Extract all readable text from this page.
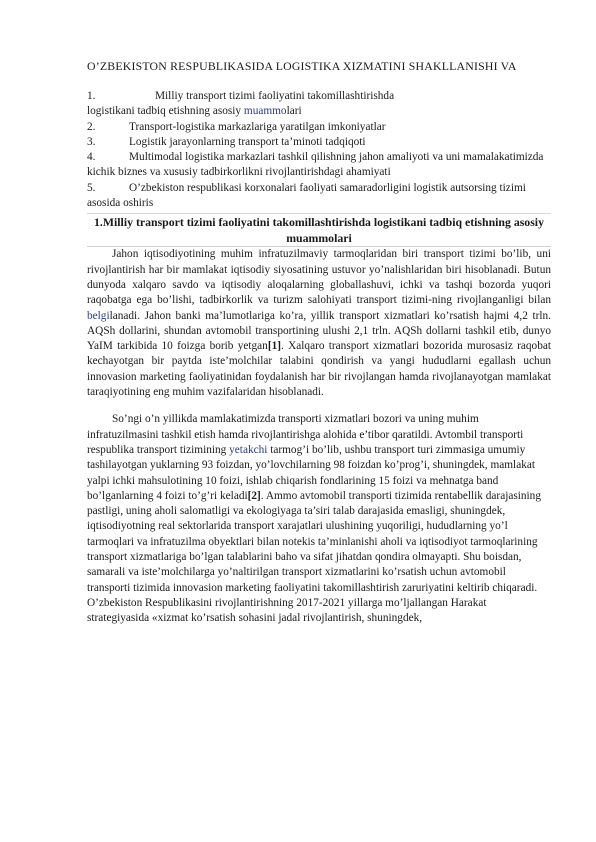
O’ZBEKISTON RESPUBLIKASIDA LOGISTIKA XIZMATINI SHAKLLANISHI VA
1.	Milliy transport tizimi faoliyatini takomillashtirishda
logistikani tadbiq etishning asosiy muammolari
2.	Transport-logistika markazlariga yaratilgan imkoniyatlar
3.	Logistik jarayonlarning transport ta’minoti tadqiqoti
4.	Multimodal logistika markazlari tashkil qilishning jahon amaliyoti va uni mamalakatimizda kichik biznes va xususiy tadbirkorlikni rivojlantirishdagi ahamiyati
5.	O’zbekiston respublikasi korxonalari faoliyati samaradorligini logistik autsorsing tizimi asosida oshiris
1.Milliy transport tizimi faoliyatini takomillashtirishda logistikani tadbiq etishning asosiy muammolari

Jahon iqtisodiyotining muhim infratuzilmaviy tarmoqlaridan biri transport tizimi bo’lib, uni rivojlantirish har bir mamlakat iqtisodiy siyosatining ustuvor yo’nalishlaridan biri hisoblanadi. Butun dunyoda xalqaro savdo va iqtisodiy aloqalarning globallashuvi, ichki va tashqi bozorda yuqori raqobatga ega bo’lishi, tadbirkorlik va turizm salohiyati transport tizimi-ning rivojlanganligi bilan belgilanadi. Jahon banki ma’lumotlariga ko’ra, yillik transport xizmatlari ko’rsatish hajmi 4,2 trln. AQSh dollarini, shundan avtomobil transportining ulushi 2,1 trln. AQSh dollarni tashkil etib, dunyo YaIM tarkibida 10 foizga borib yetgan[1]. Xalqaro transport xizmatlari bozorida murosasiz raqobat kechayotgan bir paytda iste’molchilar talabini qondirish va yangi hududlarni egallash uchun innovasion marketing faoliyatinidan foydalanish har bir rivojlangan hamda rivojlanayotgan mamlakat taraqiyotining eng muhim vazifalaridan hisoblanadi.

So’ngi o’n yillikda mamlakatimizda transporti xizmatlari bozori va uning muhim infratuzilmasini tashkil etish hamda rivojlantirishga alohida e’tibor qaratildi. Avtombil transporti respublika transport tizimining yetakchi tarmog’i bo’lib, ushbu transport turi zimmasiga umumiy tashilayotgan yuklarning 93 foizdan, yo’lovchilarning 98 foizdan ko’prog’i, shuningdek, mamlakat yalpi ichki mahsulotining 10 foizi, ishlab chiqarish fondlarining 15 foizi va mehnatga band bo’lganlarning 4 foizi to’g’ri keladi[2]. Ammo avtomobil transporti tizimida rentabellik darajasining pastligi, uning aholi salomatligi va ekologiyaga ta’siri talab darajasida emasligi, shuningdek, iqtisodiyotning real sektorlarida transport xarajatlari ulushining yuqoriligi, hududlarning yo’l tarmoqlari va infratuzilma obyektlari bilan notekis ta’minlanishi aholi va iqtisodiyot tarmoqlarining transport xizmatlariga bo’lgan talablarini baho va sifat jihatdan qondira olmayapti. Shu boisdan, samarali va iste’molchilarga yo’naltirilgan transport xizmatlarini ko’rsatish uchun avtomobil transporti tizimida innovasion marketing faoliyatini takomillashtirish zaruriyatini keltirib chiqaradi. O’zbekiston Respublikasini rivojlantirishning 2017-2021 yillarga mo’ljallangan Harakat strategiyasida «xizmat ko’rsatish sohasini jadal rivojlantirish, shuningdek,
